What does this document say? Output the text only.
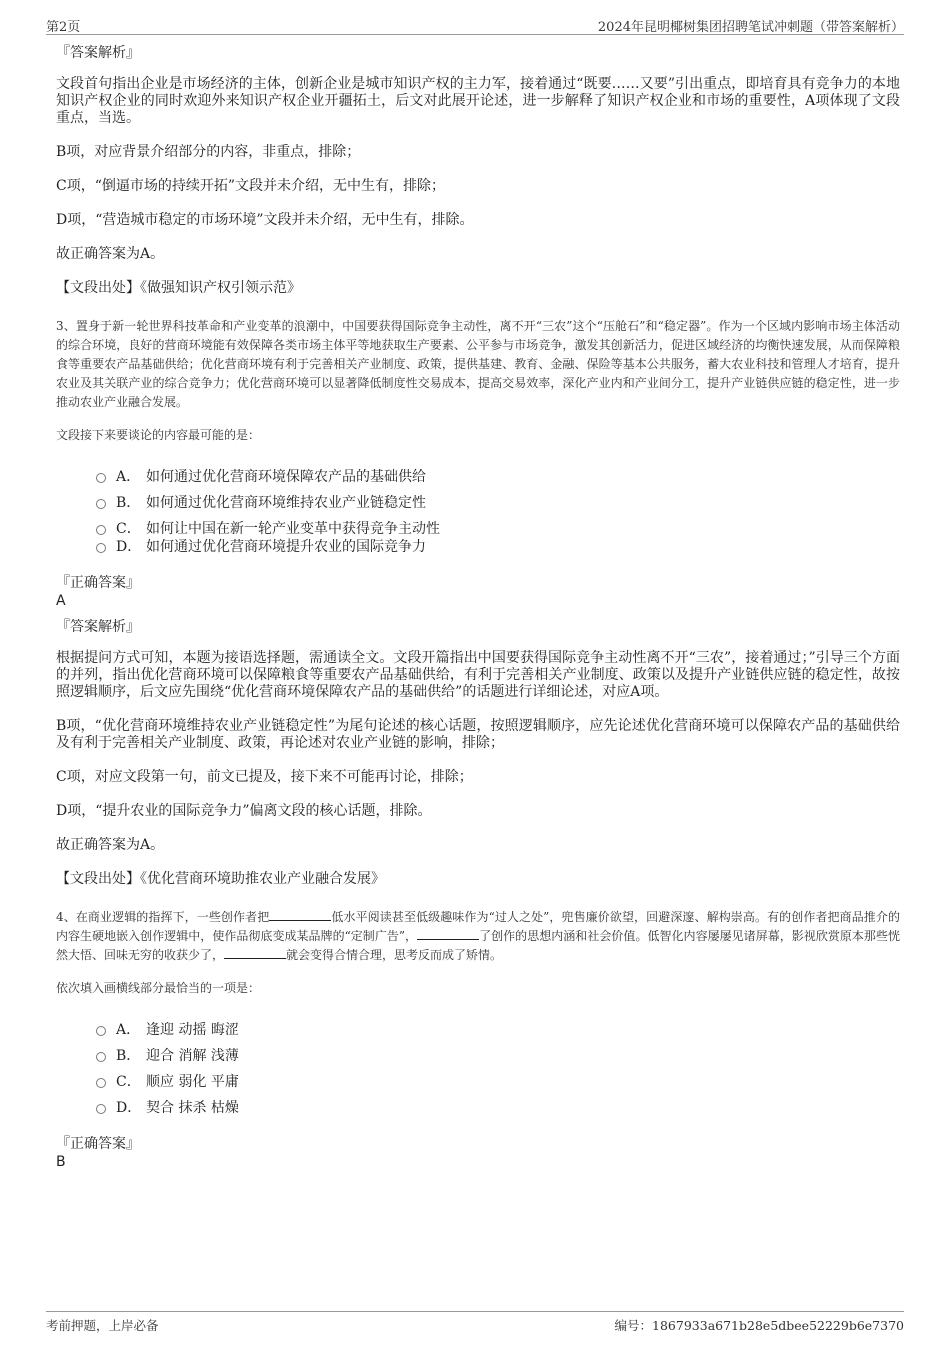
第2页	2024年昆明椰树集团招聘笔试冲刺题（带答案解析）
『答案解析』

文段首句指出企业是市场经济的主体，创新企业是城市知识产权的主力军，接着通过“既要……又要”引出重点，即培育具有竞争力的本地知识产权企业的同时欢迎外来知识产权企业开疆拓土，后文对此展开论述，进一步解释了知识产权企业和市场的重要性，A项体现了文段重点，当选。

B项，对应背景介绍部分的内容，非重点，排除；

C项，“倒逼市场的持续开拓”文段并未介绍，无中生有，排除；

D项，“营造城市稳定的市场环境”文段并未介绍，无中生有，排除。

故正确答案为A。

【文段出处】《做强知识产权引领示范》

3、置身于新一轮世界科技革命和产业变革的浪潮中，中国要获得国际竞争主动性，离不开“三农”这个“压舱石”和“稳定器”。作为一个区域内影响市场主体活动的综合环境，良好的营商环境能有效保障各类市场主体平等地获取生产要素、公平参与市场竞争，激发其创新活力，促进区域经济的均衡快速发展，从而保障粮食等重要农产品基础供给；优化营商环境有利于完善相关产业制度、政策，提供基建、教育、金融、保险等基本公共服务，蓄大农业科技和管理人才培育，提升农业及其关联产业的综合竞争力；优化营商环境可以显著降低制度性交易成本，提高交易效率，深化产业内和产业间分工，提升产业链供应链的稳定性，进一步推动农业产业融合发展。

文段接下来要谈论的内容最可能的是：

A． 如何通过优化营商环境保障农产品的基础供给
B． 如何通过优化营商环境维持农业产业链稳定性
C． 如何让中国在新一轮产业变革中获得竞争主动性
D． 如何通过优化营商环境提升农业的国际竞争力
『正确答案』
A
『答案解析』

根据提问方式可知，本题为接语选择题，需通读全文。文段开篇指出中国要获得国际竞争主动性离不开“三农”，接着通过；”引导三个方面的并列，指出优化营商环境可以保障粮食等重要农产品基础供给，有利于完善相关产业制度、政策以及提升产业链供应链的稳定性，故按照逻辑顺序，后文应先围绕“优化营商环境保障农产品的基础供给”的话题进行详细论述，对应A项。

B项，“优化营商环境维持农业产业链稳定性”为尾句论述的核心话题，按照逻辑顺序，应先论述优化营商环境可以保障农产品的基础供给及有利于完善相关产业制度、政策，再论述对农业产业链的影响，排除；

C项，对应文段第一句，前文已提及，接下来不可能再讨论，排除；

D项，“提升农业的国际竞争力”偏离文段的核心话题，排除。

故正确答案为A。

【文段出处】《优化营商环境助推农业产业融合发展》

4、在商业逻辑的指挥下，一些创作者把	低水平阅读甚至低级趣味作为“过人之处”，兜售廉价欲望，回避深邃、解构崇高。有的创作者把商品推介的内容生硬地嵌入创作逻辑中，使作品彻底变成某品牌的“定制广告”，	了创作的思想内涵和社会价值。低智化内容屡屡见诸屏幕，影视欣赏原本那些恍然大悟、回味无穷的收获少了，	就会变得合情合理，思考反而成了矫情。

依次填入画横线部分最恰当的一项是：

A． 逢迎 动摇 晦涩
B． 迎合 消解 浅薄
C． 顺应 弱化 平庸
D． 契合 抹杀 枯燥
『正确答案』
B
考前押题，上岸必备	编号：1867933a671b28e5dbee52229b6e7370
